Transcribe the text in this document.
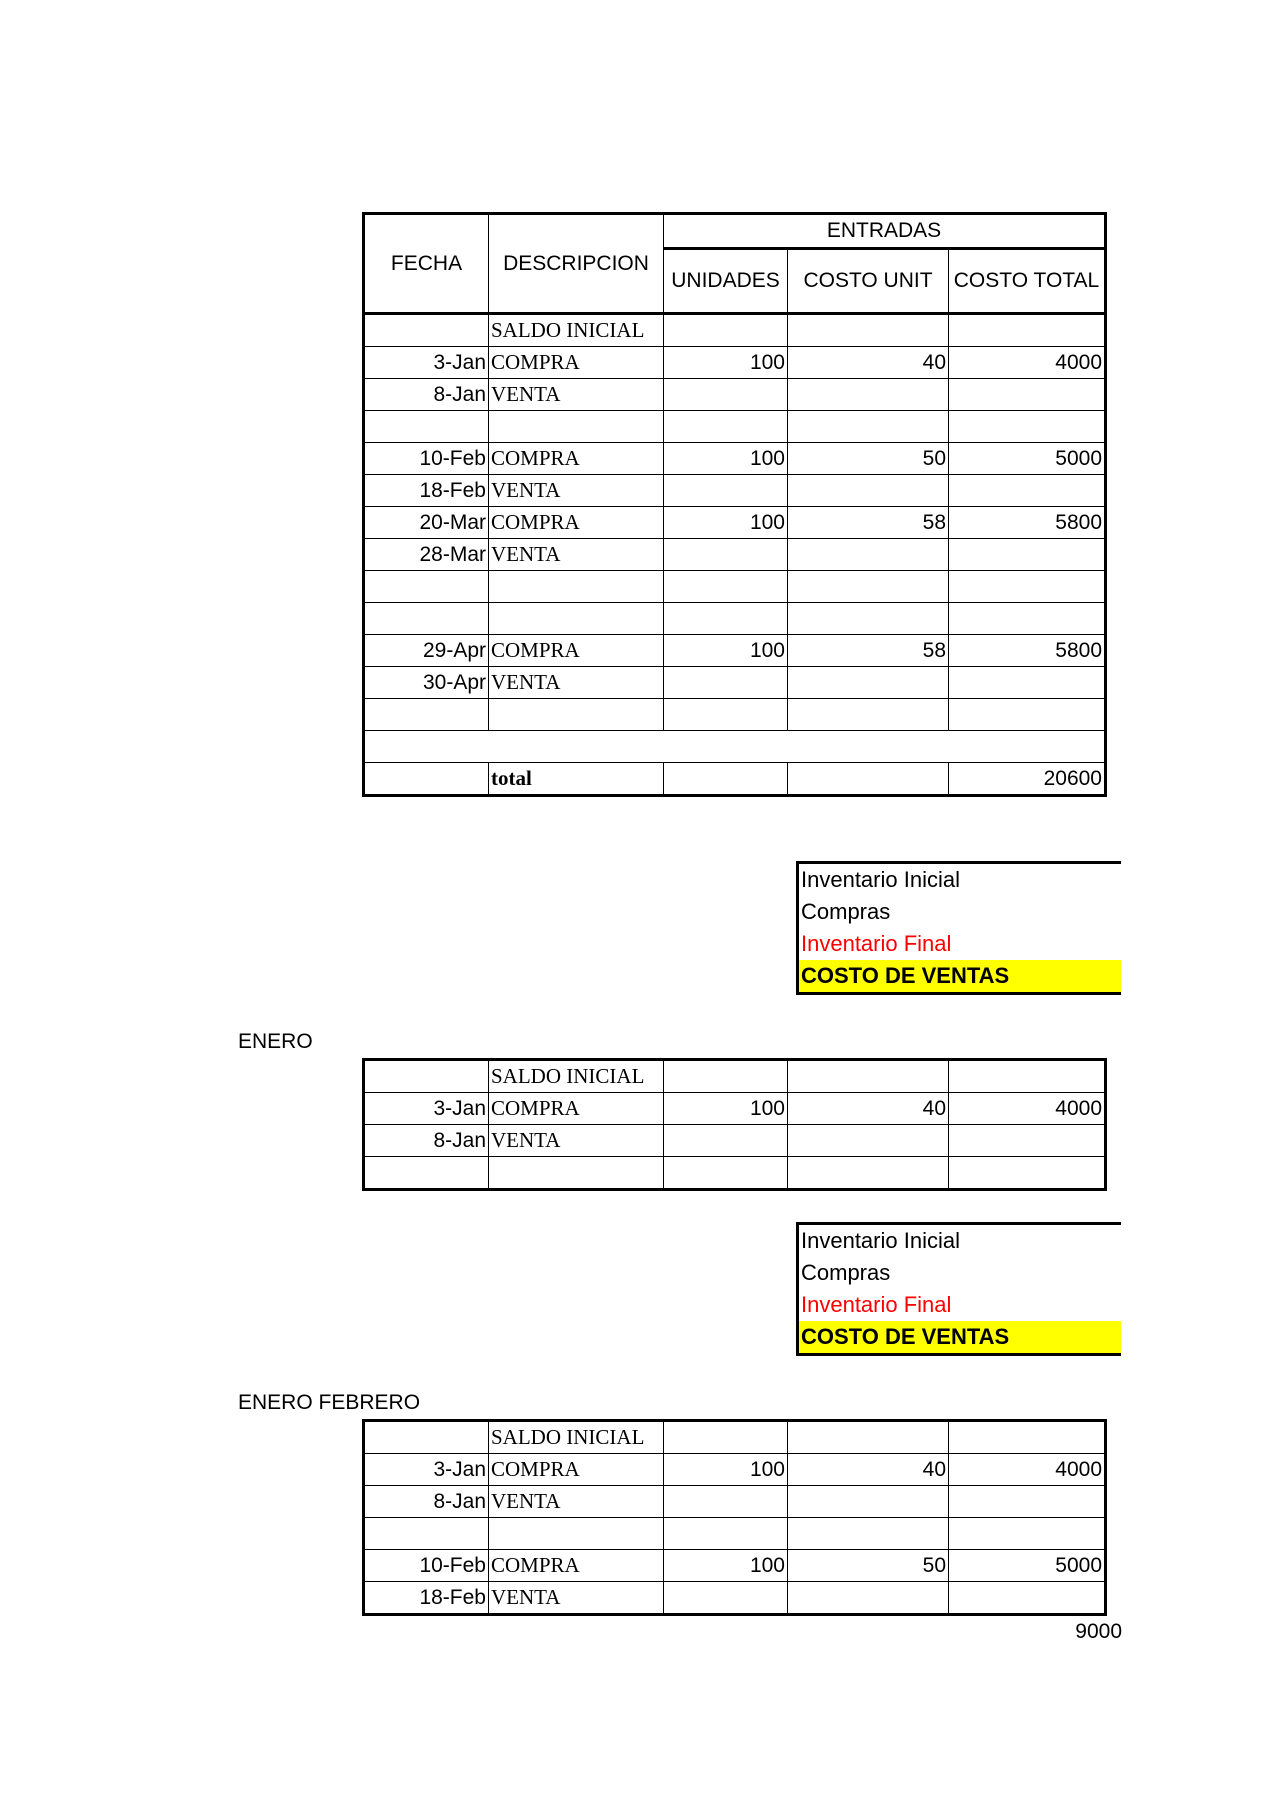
FECHA	DESCRIPCION	ENTRADAS		
		UNIDADES	COSTO UNIT	COSTO TOTAL
	SALDO INICIAL			
3-Jan	COMPRA	100	40	4000
8-Jan	VENTA			

10-Feb	COMPRA	100	50	5000
18-Feb	VENTA			
20-Mar	COMPRA	100	58	5800
28-Mar	VENTA			

29-Apr	COMPRA	100	58	5800
30-Apr	VENTA			

	total			20600
Inventario Inicial
Compras
Inventario Final
COSTO DE VENTAS
ENERO
	SALDO INICIAL			
3-Jan	COMPRA	100	40	4000
8-Jan	VENTA			

Inventario Inicial
Compras
Inventario Final
COSTO DE VENTAS
ENERO FEBRERO
	SALDO INICIAL			
3-Jan	COMPRA	100	40	4000
8-Jan	VENTA			

10-Feb	COMPRA	100	50	5000
18-Feb	VENTA			
9000
